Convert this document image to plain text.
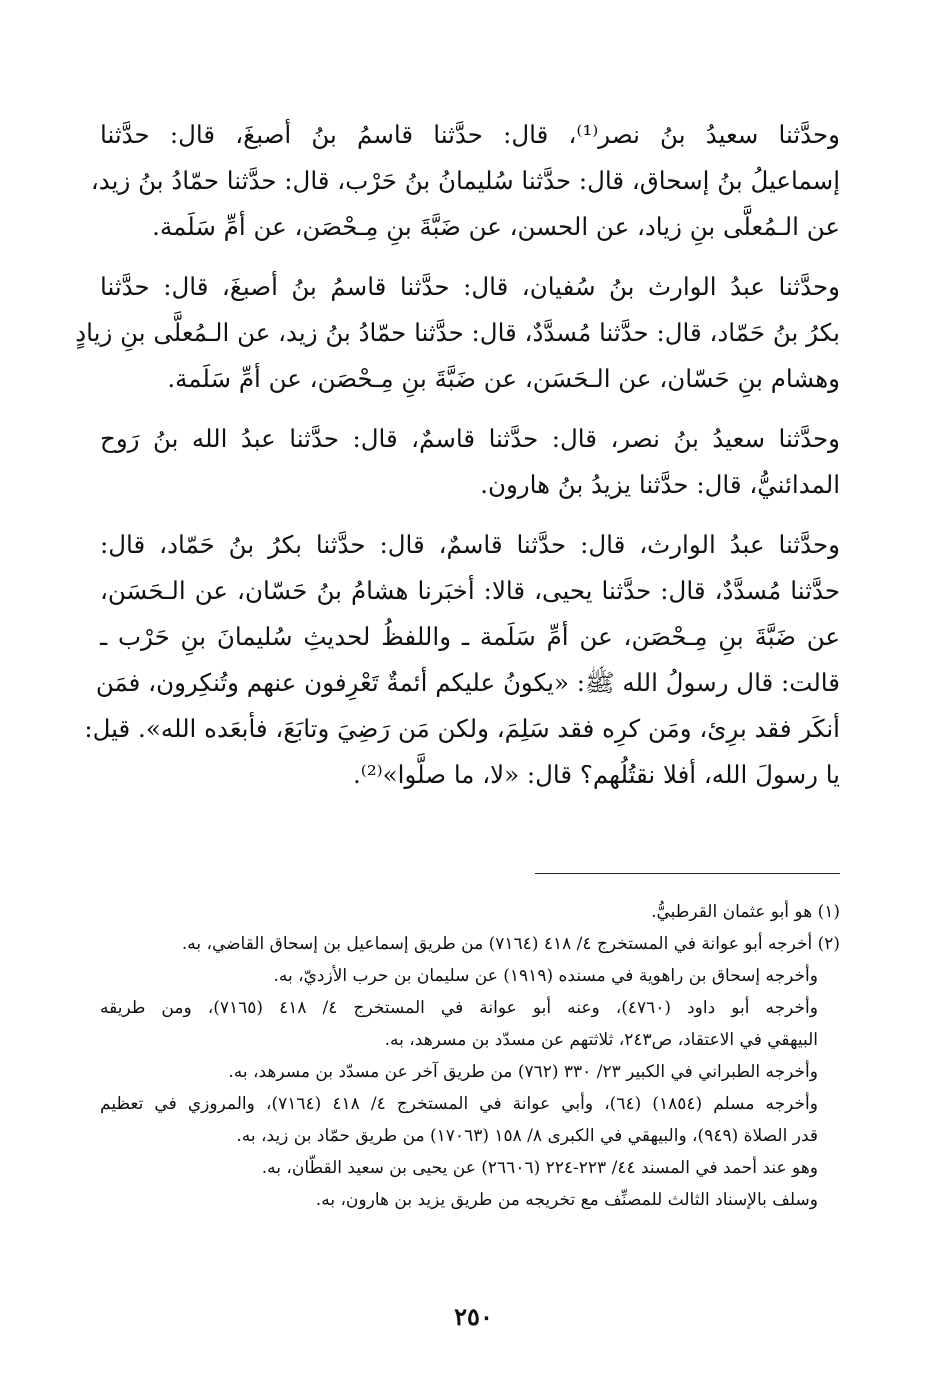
وحدَّثنا سعيدُ بنُ نصر⁽¹⁾، قال: حدَّثنا قاسمُ بنُ أصبغَ، قال: حدَّثنا
إسماعيلُ بنُ إسحاق، قال: حدَّثنا سُليمانُ بنُ حَرْب، قال: حدَّثنا حمّادُ بنُ زيد،
عن الـمُعلَّى بنِ زياد، عن الحسن، عن ضَبَّةَ بنِ مِـحْصَن، عن أمِّ سَلَمة.
وحدَّثنا عبدُ الوارث بنُ سُفيان، قال: حدَّثنا قاسمُ بنُ أصبغَ، قال: حدَّثنا
بكرُ بنُ حَمّاد، قال: حدَّثنا مُسدَّدٌ، قال: حدَّثنا حمّادُ بنُ زيد، عن الـمُعلَّى بنِ زيادٍ
وهشام بنِ حَسّان، عن الـحَسَن، عن ضَبَّةَ بنِ مِـحْصَن، عن أمِّ سَلَمة.
وحدَّثنا سعيدُ بنُ نصر، قال: حدَّثنا قاسمٌ، قال: حدَّثنا عبدُ الله بنُ رَوح
المدائنيُّ، قال: حدَّثنا يزيدُ بنُ هارون.
وحدَّثنا عبدُ الوارث، قال: حدَّثنا قاسمٌ، قال: حدَّثنا بكرُ بنُ حَمّاد، قال:
حدَّثنا مُسدَّدٌ، قال: حدَّثنا يحيى، قالا: أخبَرنا هشامُ بنُ حَسّان، عن الـحَسَن،
عن ضَبَّةَ بنِ مِـحْصَن، عن أمِّ سَلَمة ـ واللفظُ لحديثِ سُليمانَ بنِ حَرْب ـ
قالت: قال رسولُ الله ﷺ: «يكونُ عليكم أئمةٌ تَعْرِفون عنهم وتُنكِرون، فمَن
أنكَر فقد برِئ، ومَن كرِه فقد سَلِمَ، ولكن مَن رَضِيَ وتابَعَ، فأبعَده الله». قيل:
يا رسولَ الله، أفلا نقتُلُهم؟ قال: «لا، ما صلَّوا»⁽²⁾.
(١) هو أبو عثمان القرطبيُّ.
(٢) أخرجه أبو عوانة في المستخرج ٤/ ٤١٨ (٧١٦٤) من طريق إسماعيل بن إسحاق القاضي، به.
وأخرجه إسحاق بن راهوية في مسنده (١٩١٩) عن سليمان بن حرب الأزديّ، به.
وأخرجه أبو داود (٤٧٦٠)، وعنه أبو عوانة في المستخرج ٤/ ٤١٨ (٧١٦٥)، ومن طريقه
البيهقي في الاعتقاد، ص٢٤٣، ثلاثتهم عن مسدّد بن مسرهد، به.
وأخرجه الطبراني في الكبير ٢٣/ ٣٣٠ (٧٦٢) من طريق آخر عن مسدّد بن مسرهد، به.
وأخرجه مسلم (١٨٥٤) (٦٤)، وأبي عوانة في المستخرج ٤/ ٤١٨ (٧١٦٤)، والمروزي في تعظيم
قدر الصلاة (٩٤٩)، والبيهقي في الكبرى ٨/ ١٥٨ (١٧٠٦٣) من طريق حمّاد بن زيد، به.
وهو عند أحمد في المسند ٤٤/ ٢٢٣-٢٢٤ (٢٦٦٠٦) عن يحيى بن سعيد القطّان، به.
وسلف بالإسناد الثالث للمصنِّف مع تخريجه من طريق يزيد بن هارون، به.
٢٥٠
